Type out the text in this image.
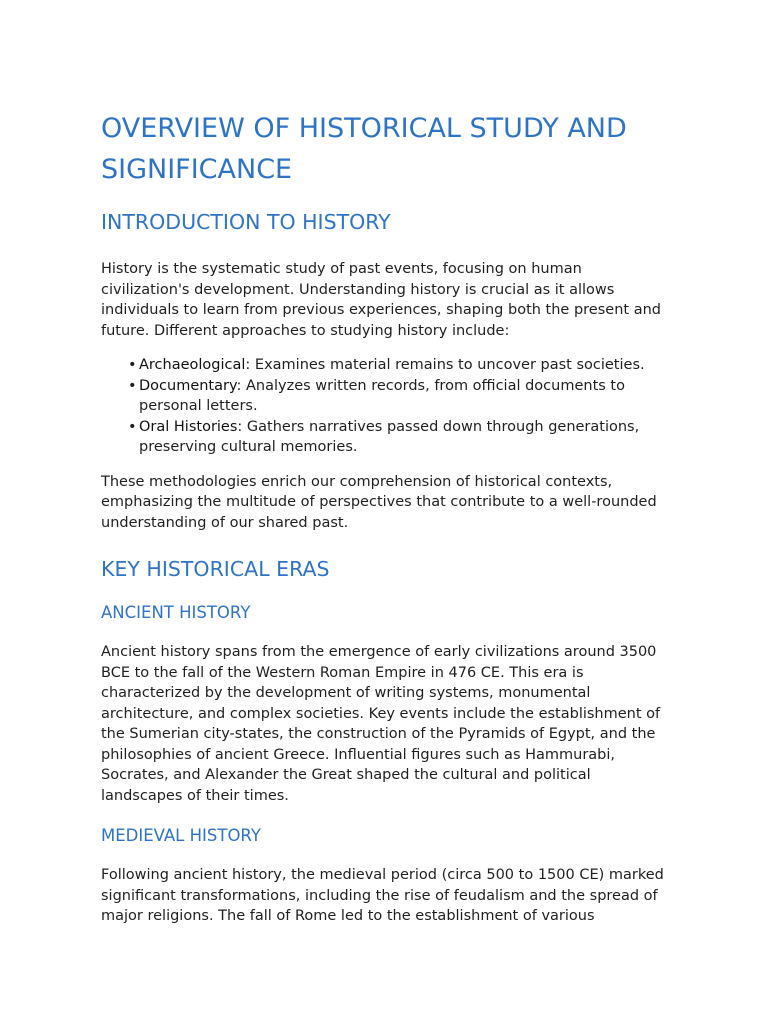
OVERVIEW OF HISTORICAL STUDY AND SIGNIFICANCE
INTRODUCTION TO HISTORY

History is the systematic study of past events, focusing on human civilization's development. Understanding history is crucial as it allows individuals to learn from previous experiences, shaping both the present and future. Different approaches to studying history include:

• Archaeological: Examines material remains to uncover past societies.
• Documentary: Analyzes written records, from official documents to personal letters.
• Oral Histories: Gathers narratives passed down through generations, preserving cultural memories.

These methodologies enrich our comprehension of historical contexts, emphasizing the multitude of perspectives that contribute to a well-rounded understanding of our shared past.

KEY HISTORICAL ERAS
ANCIENT HISTORY

Ancient history spans from the emergence of early civilizations around 3500 BCE to the fall of the Western Roman Empire in 476 CE. This era is characterized by the development of writing systems, monumental architecture, and complex societies. Key events include the establishment of the Sumerian city-states, the construction of the Pyramids of Egypt, and the philosophies of ancient Greece. Influential figures such as Hammurabi, Socrates, and Alexander the Great shaped the cultural and political landscapes of their times.

MEDIEVAL HISTORY

Following ancient history, the medieval period (circa 500 to 1500 CE) marked significant transformations, including the rise of feudalism and the spread of major religions. The fall of Rome led to the establishment of various
